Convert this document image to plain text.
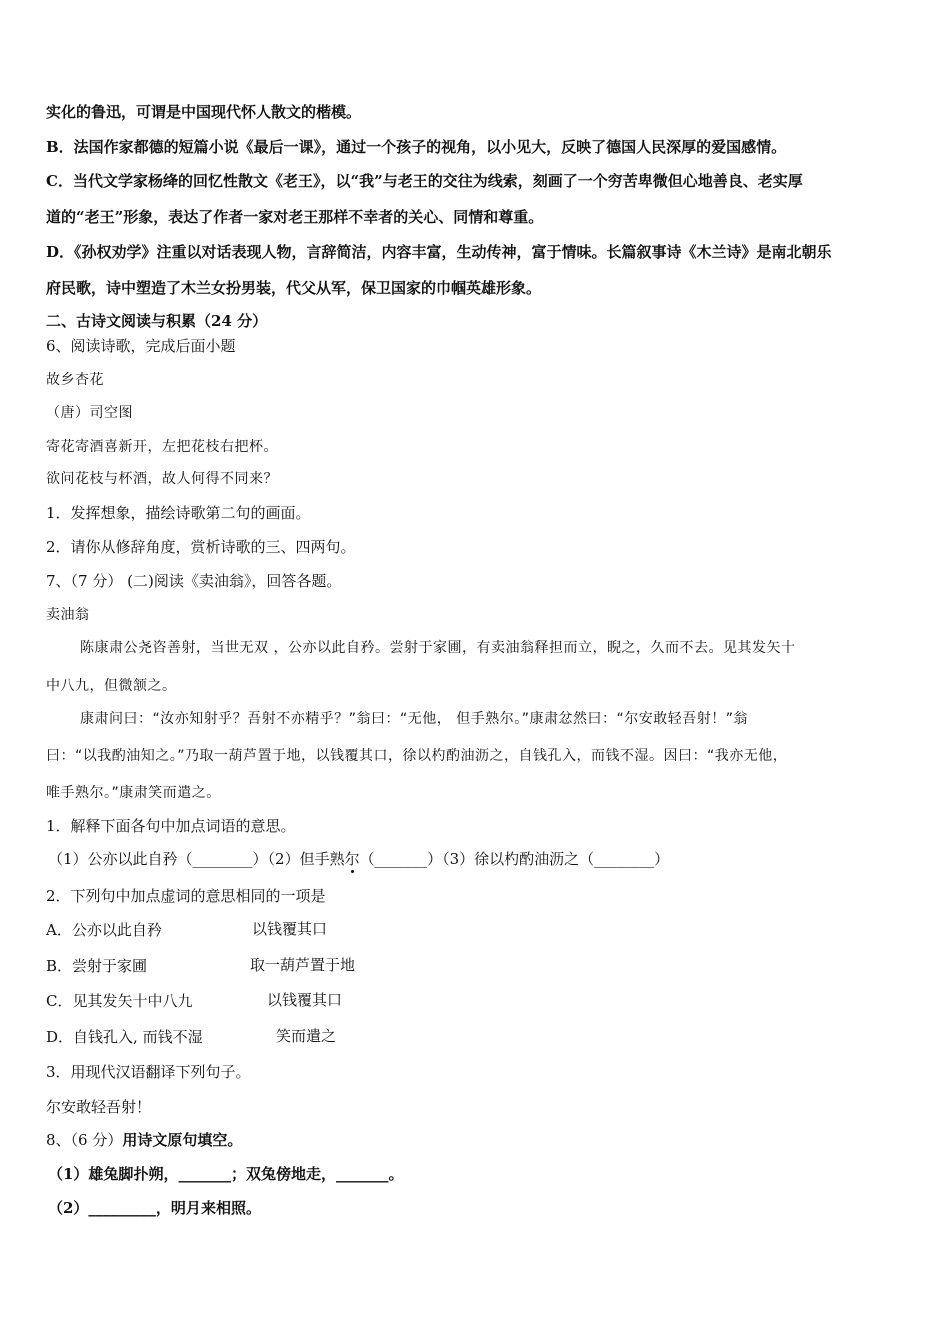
实化的鲁迅，可谓是中国现代怀人散文的楷模。
B．法国作家都德的短篇小说《最后一课》，通过一个孩子的视角，以小见大，反映了德国人民深厚的爱国感情。
C．当代文学家杨绛的回忆性散文《老王》，以“我”与老王的交往为线索，刻画了一个穷苦卑微但心地善良、老实厚
道的“老王”形象，表达了作者一家对老王那样不幸者的关心、同情和尊重。
D．《孙权劝学》注重以对话表现人物，言辞简洁，内容丰富，生动传神，富于情味。长篇叙事诗《木兰诗》是南北朝乐
府民歌，诗中塑造了木兰女扮男装，代父从军，保卫国家的巾帼英雄形象。
二、古诗文阅读与积累（24 分）
6、阅读诗歌，完成后面小题
故乡杏花
（唐）司空图
寄花寄酒喜新开，左把花枝右把杯。
欲问花枝与杯酒，故人何得不同来？
1．发挥想象，描绘诗歌第二句的画面。
2．请你从修辞角度，赏析诗歌的三、四两句。
7、（7 分） (二)阅读《卖油翁》，回答各题。
卖油翁
陈康肃公尧咨善射，当世无双 ，公亦以此自矜。尝射于家圃，有卖油翁释担而立，睨之，久而不去。见其发矢十
中八九，但微颔之。
康肃问曰：“汝亦知射乎？吾射不亦精乎？”翁曰：“无他， 但手熟尔。”康肃忿然曰：“尔安敢轻吾射！”翁
曰：“以我酌油知之。”乃取一葫芦置于地，以钱覆其口，徐以杓酌油沥之，自钱孔入，而钱不湿。因曰：“我亦无他，
唯手熟尔。”康肃笑而遣之。
1．解释下面各句中加点词语的意思。
（1）公亦以此自矜（________）（2）但手熟尔（_______）（3）徐以杓酌油沥之（________）
2．下列句中加点虚词的意思相同的一项是
A．公亦以此自矜	以钱覆其口
B．尝射于家圃	取一葫芦置于地
C．见其发矢十中八九	以钱覆其口
D．自钱孔入, 而钱不湿	笑而遣之
3．用现代汉语翻译下列句子。
尔安敢轻吾射！
8、（6 分）用诗文原句填空。
（1）雄兔脚扑朔，_______；双兔傍地走，_______。
（2）_________，明月来相照。
